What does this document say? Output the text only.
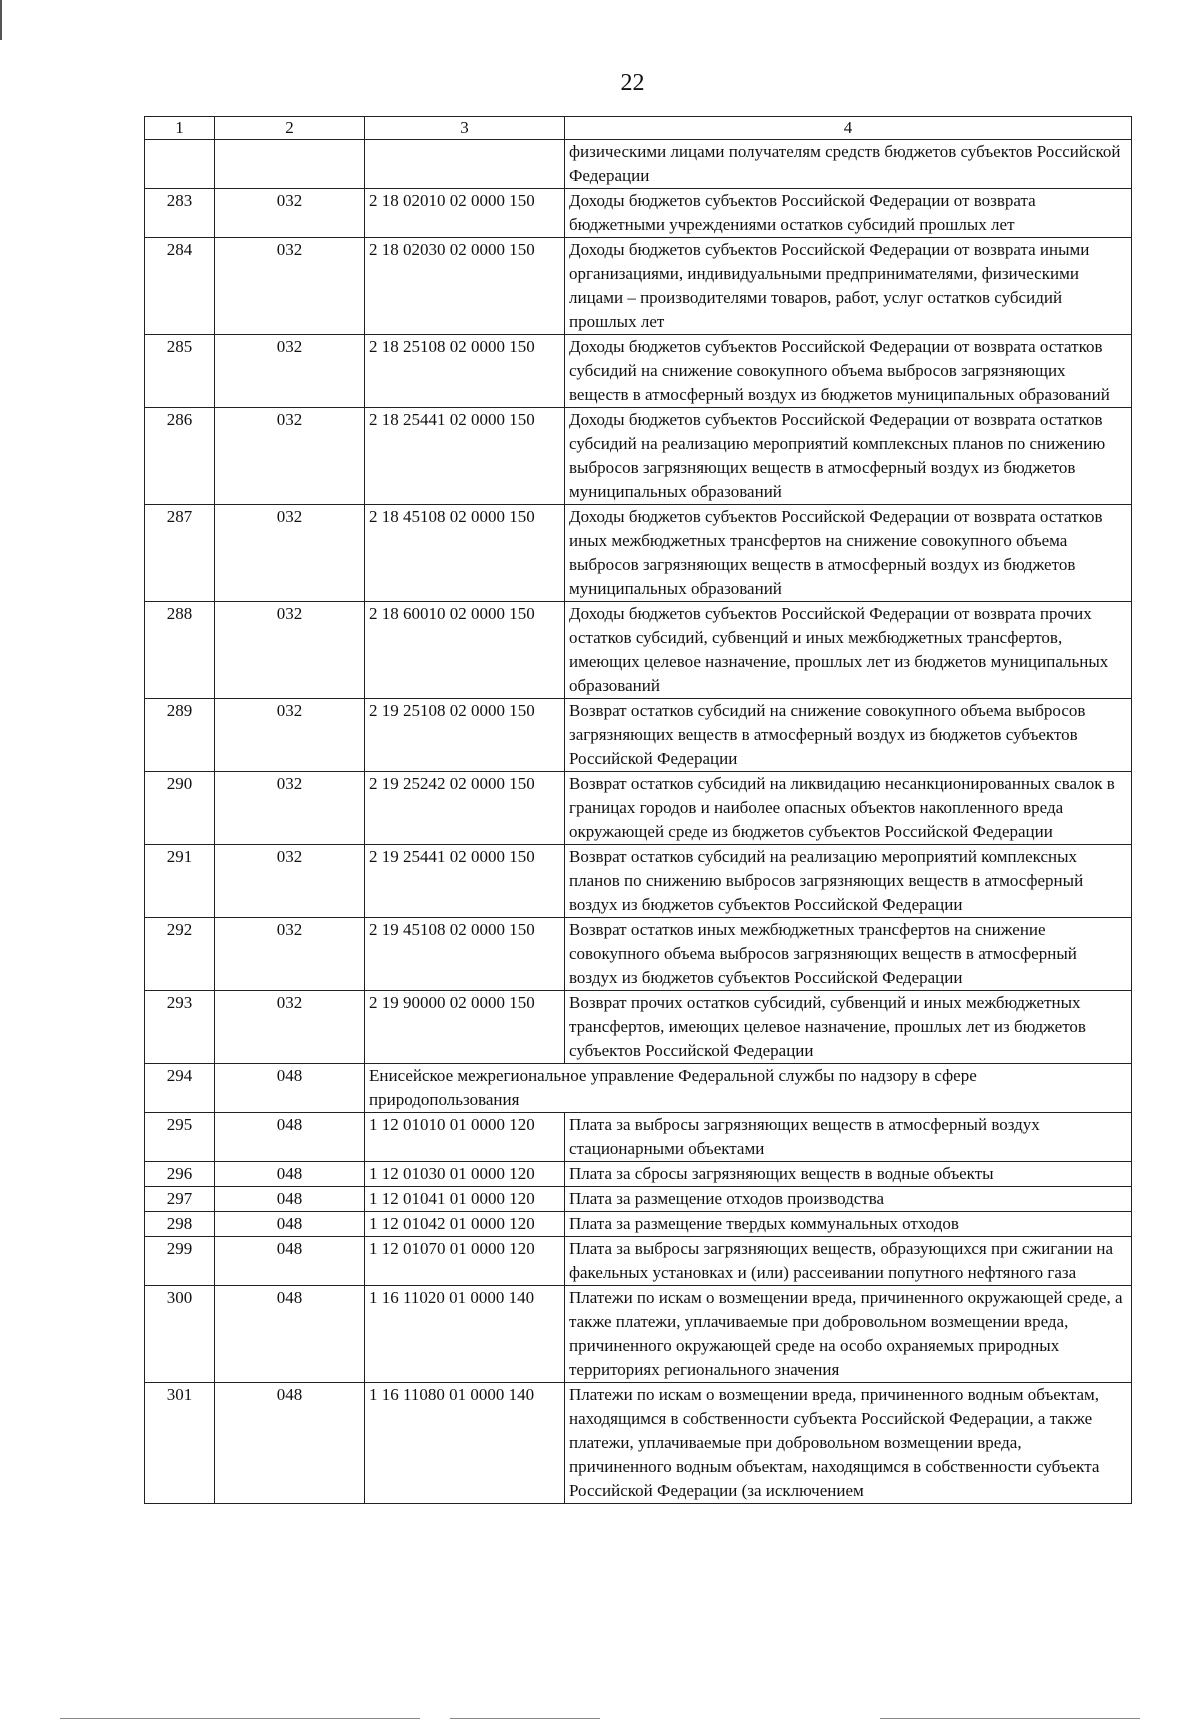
22
1	2	3	4
			физическими лицами получателям средств бюджетов субъектов Российской Федерации
283	032	2 18 02010 02 0000 150	Доходы бюджетов субъектов Российской Федерации от возврата бюджетными учреждениями остатков субсидий прошлых лет
284	032	2 18 02030 02 0000 150	Доходы бюджетов субъектов Российской Федерации от возврата иными организациями, индивидуальными предпринимателями, физическими лицами – производителями товаров, работ, услуг остатков субсидий прошлых лет
285	032	2 18 25108 02 0000 150	Доходы бюджетов субъектов Российской Федерации от возврата остатков субсидий на снижение совокупного объема выбросов загрязняющих веществ в атмосферный воздух из бюджетов муниципальных образований
286	032	2 18 25441 02 0000 150	Доходы бюджетов субъектов Российской Федерации от возврата остатков субсидий на реализацию мероприятий комплексных планов по снижению выбросов загрязняющих веществ в атмосферный воздух из бюджетов муниципальных образований
287	032	2 18 45108 02 0000 150	Доходы бюджетов субъектов Российской Федерации от возврата остатков иных межбюджетных трансфертов на снижение совокупного объема выбросов загрязняющих веществ в атмосферный воздух из бюджетов муниципальных образований
288	032	2 18 60010 02 0000 150	Доходы бюджетов субъектов Российской Федерации от возврата прочих остатков субсидий, субвенций и иных межбюджетных трансфертов, имеющих целевое назначение, прошлых лет из бюджетов муниципальных образований
289	032	2 19 25108 02 0000 150	Возврат остатков субсидий на снижение совокупного объема выбросов загрязняющих веществ в атмосферный воздух из бюджетов субъектов Российской Федерации
290	032	2 19 25242 02 0000 150	Возврат остатков субсидий на ликвидацию несанкционированных свалок в границах городов и наиболее опасных объектов накопленного вреда окружающей среде из бюджетов субъектов Российской Федерации
291	032	2 19 25441 02 0000 150	Возврат остатков субсидий на реализацию мероприятий комплексных планов по снижению выбросов загрязняющих веществ в атмосферный воздух из бюджетов субъектов Российской Федерации
292	032	2 19 45108 02 0000 150	Возврат остатков иных межбюджетных трансфертов на снижение совокупного объема выбросов загрязняющих веществ в атмосферный воздух из бюджетов субъектов Российской Федерации
293	032	2 19 90000 02 0000 150	Возврат прочих остатков субсидий, субвенций и иных межбюджетных трансфертов, имеющих целевое назначение, прошлых лет из бюджетов субъектов Российской Федерации
294	048	Енисейское межрегиональное управление Федеральной службы по надзору в сфере природопользования	
295	048	1 12 01010 01 0000 120	Плата за выбросы загрязняющих веществ в атмосферный воздух стационарными объектами
296	048	1 12 01030 01 0000 120	Плата за сбросы загрязняющих веществ в водные объекты
297	048	1 12 01041 01 0000 120	Плата за размещение отходов производства
298	048	1 12 01042 01 0000 120	Плата за размещение твердых коммунальных отходов
299	048	1 12 01070 01 0000 120	Плата за выбросы загрязняющих веществ, образующихся при сжигании на факельных установках и (или) рассеивании попутного нефтяного газа
300	048	1 16 11020 01 0000 140	Платежи по искам о возмещении вреда, причиненного окружающей среде, а также платежи, уплачиваемые при добровольном возмещении вреда, причиненного окружающей среде на особо охраняемых природных территориях регионального значения
301	048	1 16 11080 01 0000 140	Платежи по искам о возмещении вреда, причиненного водным объектам, находящимся в собственности субъекта Российской Федерации, а также платежи, уплачиваемые при добровольном возмещении вреда, причиненного водным объектам, находящимся в собственности субъекта Российской Федерации (за исключением
